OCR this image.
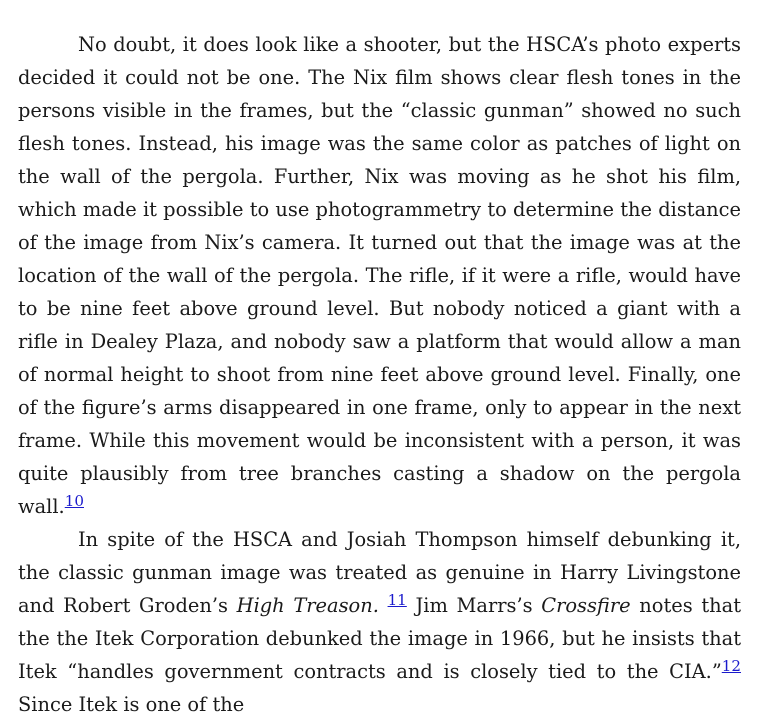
No doubt, it does look like a shooter, but the HSCA’s photo experts decided it could not be one. The Nix film shows clear flesh tones in the persons visible in the frames, but the “classic gunman” showed no such flesh tones. Instead, his image was the same color as patches of light on the wall of the pergola. Further, Nix was moving as he shot his film, which made it possible to use photogrammetry to determine the distance of the image from Nix’s camera. It turned out that the image was at the location of the wall of the pergola. The rifle, if it were a rifle, would have to be nine feet above ground level. But nobody noticed a giant with a rifle in Dealey Plaza, and nobody saw a platform that would allow a man of normal height to shoot from nine feet above ground level. Finally, one of the figure’s arms disappeared in one frame, only to appear in the next frame. While this movement would be inconsistent with a person, it was quite plausibly from tree branches casting a shadow on the pergola wall.$^{10}$

In spite of the HSCA and Josiah Thompson himself debunking it, the classic gunman image was treated as genuine in Harry Livingstone and Robert Groden’s High Treason. $^{11}$ Jim Marrs’s Crossfire notes that the the Itek Corporation debunked the image in 1966, but he insists that Itek “handles government contracts and is closely tied to the CIA.”$^{12}$ Since Itek is one of the
